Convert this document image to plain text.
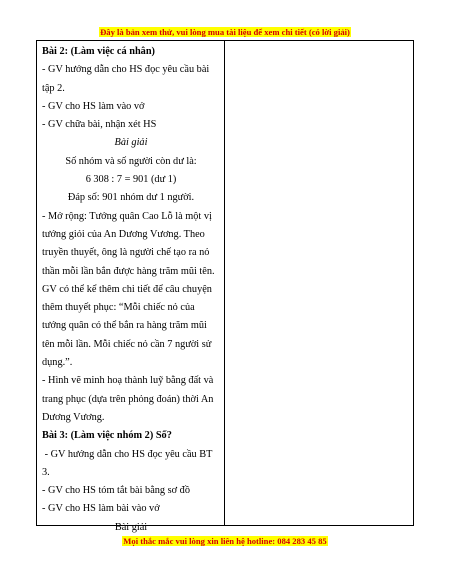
Đây là bản xem thử, vui lòng mua tài liệu để xem chi tiết (có lời giải)
Bài 2: (Làm việc cá nhân)
- GV hướng dẫn cho HS đọc yêu cầu bài
tập 2.
- GV cho HS làm vào vở
- GV chữa bài, nhận xét HS
Bài giải
Số nhóm và số người còn dư là:
6 308 : 7 = 901 (dư 1)
Đáp số: 901 nhóm dư 1 người.
- Mở rộng: Tướng quân Cao Lỗ là một vị
tướng giỏi của An Dương Vương. Theo
truyền thuyết, ông là người chế tạo ra nỏ
thần mỗi lần bắn được hàng trăm mũi tên.
GV có thể kể thêm chi tiết để câu chuyện
thêm thuyết phục: “Mỗi chiếc nỏ của
tướng quân có thể bắn ra hàng trăm mũi
tên mỗi lần. Mỗi chiếc nỏ cần 7 người sử
dụng.”.
- Hình vẽ minh hoạ thành luỹ bằng đất và
trang phục (dựa trên phỏng đoán) thời An
Dương Vương.
Bài 3: (Làm việc nhóm 2) Số?
- GV hướng dẫn cho HS đọc yêu cầu BT
3.
- GV cho HS tóm tắt bài bằng sơ đồ
- GV cho HS làm bài vào vở
Bài giải
Mọi thắc mắc vui lòng xin liên hệ hotline: 084 283 45 85
